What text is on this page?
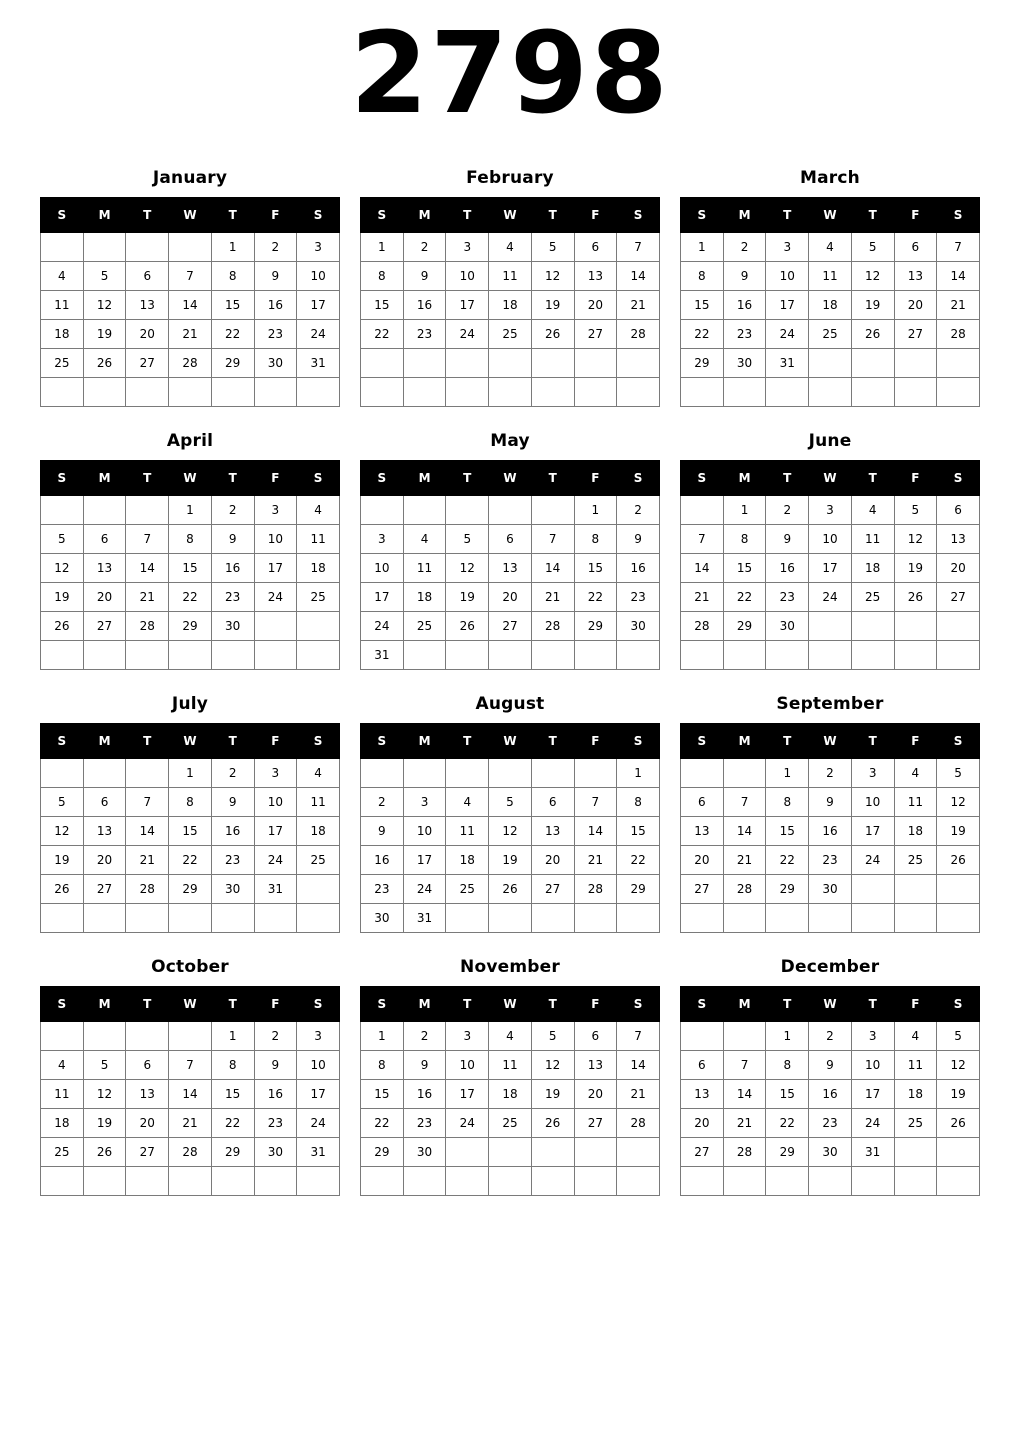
2798
January
S	M	T	W	T	F	S
				1	2	3
4	5	6	7	8	9	10
11	12	13	14	15	16	17
18	19	20	21	22	23	24
25	26	27	28	29	30	31

February
S	M	T	W	T	F	S
1	2	3	4	5	6	7
8	9	10	11	12	13	14
15	16	17	18	19	20	21
22	23	24	25	26	27	28

March
S	M	T	W	T	F	S
1	2	3	4	5	6	7
8	9	10	11	12	13	14
15	16	17	18	19	20	21
22	23	24	25	26	27	28
29	30	31				

April
S	M	T	W	T	F	S
			1	2	3	4
5	6	7	8	9	10	11
12	13	14	15	16	17	18
19	20	21	22	23	24	25
26	27	28	29	30		

May
S	M	T	W	T	F	S
					1	2
3	4	5	6	7	8	9
10	11	12	13	14	15	16
17	18	19	20	21	22	23
24	25	26	27	28	29	30
31						
June
S	M	T	W	T	F	S
	1	2	3	4	5	6
7	8	9	10	11	12	13
14	15	16	17	18	19	20
21	22	23	24	25	26	27
28	29	30				

July
S	M	T	W	T	F	S
			1	2	3	4
5	6	7	8	9	10	11
12	13	14	15	16	17	18
19	20	21	22	23	24	25
26	27	28	29	30	31	

August
S	M	T	W	T	F	S
						1
2	3	4	5	6	7	8
9	10	11	12	13	14	15
16	17	18	19	20	21	22
23	24	25	26	27	28	29
30	31					
September
S	M	T	W	T	F	S
		1	2	3	4	5
6	7	8	9	10	11	12
13	14	15	16	17	18	19
20	21	22	23	24	25	26
27	28	29	30			

October
S	M	T	W	T	F	S
				1	2	3
4	5	6	7	8	9	10
11	12	13	14	15	16	17
18	19	20	21	22	23	24
25	26	27	28	29	30	31

November
S	M	T	W	T	F	S
1	2	3	4	5	6	7
8	9	10	11	12	13	14
15	16	17	18	19	20	21
22	23	24	25	26	27	28
29	30					

December
S	M	T	W	T	F	S
		1	2	3	4	5
6	7	8	9	10	11	12
13	14	15	16	17	18	19
20	21	22	23	24	25	26
27	28	29	30	31		
